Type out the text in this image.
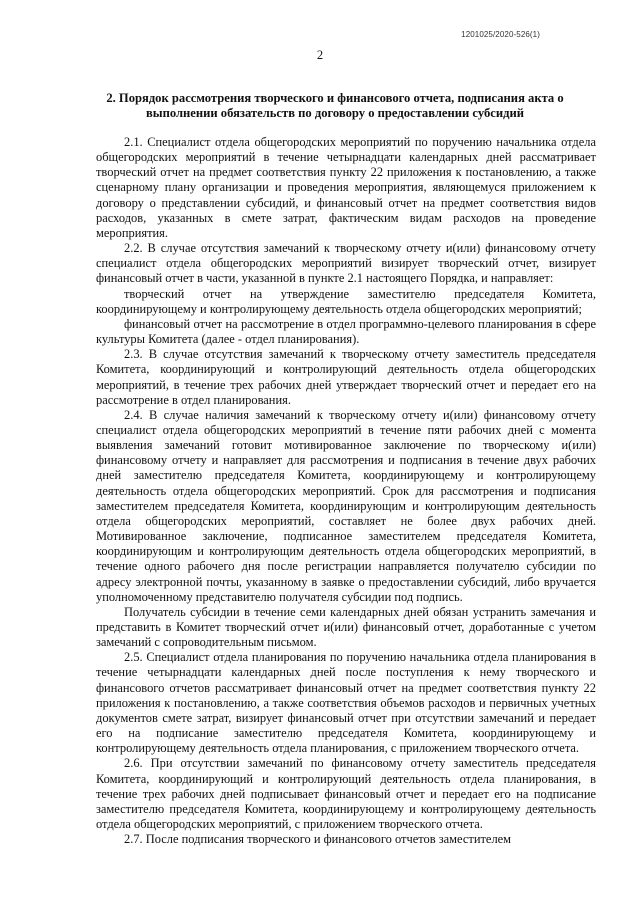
1201025/2020-526(1)
2
2. Порядок рассмотрения творческого и финансового отчета, подписания акта о выполнении обязательств по договору о предоставлении субсидий

2.1. Специалист отдела общегородских мероприятий по поручению начальника отдела общегородских мероприятий в течение четырнадцати календарных дней рассматривает творческий отчет на предмет соответствия пункту 22 приложения к постановлению, а также сценарному плану организации и проведения мероприятия, являющемуся приложением к договору о представлении субсидий, и финансовый отчет на предмет соответствия видов расходов, указанных в смете затрат, фактическим видам расходов на проведение мероприятия.

2.2. В случае отсутствия замечаний к творческому отчету и(или) финансовому отчету специалист отдела общегородских мероприятий визирует творческий отчет, визирует финансовый отчет в части, указанной в пункте 2.1 настоящего Порядка, и направляет:

творческий отчет на утверждение заместителю председателя Комитета, координирующему и контролирующему деятельность отдела общегородских мероприятий;

финансовый отчет на рассмотрение в отдел программно-целевого планирования в сфере культуры Комитета (далее - отдел планирования).

2.3. В случае отсутствия замечаний к творческому отчету заместитель председателя Комитета, координирующий и контролирующий деятельность отдела общегородских мероприятий, в течение трех рабочих дней утверждает творческий отчет и передает его на рассмотрение в отдел планирования.

2.4. В случае наличия замечаний к творческому отчету и(или) финансовому отчету специалист отдела общегородских мероприятий в течение пяти рабочих дней с момента выявления замечаний готовит мотивированное заключение по творческому и(или) финансовому отчету и направляет для рассмотрения и подписания в течение двух рабочих дней заместителю председателя Комитета, координирующему и контролирующему деятельность отдела общегородских мероприятий. Срок для рассмотрения и подписания заместителем председателя Комитета, координирующим и контролирующим деятельность отдела общегородских мероприятий, составляет не более двух рабочих дней. Мотивированное заключение, подписанное заместителем председателя Комитета, координирующим и контролирующим деятельность отдела общегородских мероприятий, в течение одного рабочего дня после регистрации направляется получателю субсидии по адресу электронной почты, указанному в заявке о предоставлении субсидий, либо вручается уполномоченному представителю получателя субсидии под подпись.

Получатель субсидии в течение семи календарных дней обязан устранить замечания и представить в Комитет творческий отчет и(или) финансовый отчет, доработанные с учетом замечаний с сопроводительным письмом.

2.5. Специалист отдела планирования по поручению начальника отдела планирования в течение четырнадцати календарных дней после поступления к нему творческого и финансового отчетов рассматривает финансовый отчет на предмет соответствия пункту 22 приложения к постановлению, а также соответствия объемов расходов и первичных учетных документов смете затрат, визирует финансовый отчет при отсутствии замечаний и передает его на подписание заместителю председателя Комитета, координирующему и контролирующему деятельность отдела планирования, с приложением творческого отчета.

2.6. При отсутствии замечаний по финансовому отчету заместитель председателя Комитета, координирующий и контролирующий деятельность отдела планирования, в течение трех рабочих дней подписывает финансовый отчет и передает его на подписание заместителю председателя Комитета, координирующему и контролирующему деятельность отдела общегородских мероприятий, с приложением творческого отчета.

2.7. После подписания творческого и финансового отчетов заместителем
